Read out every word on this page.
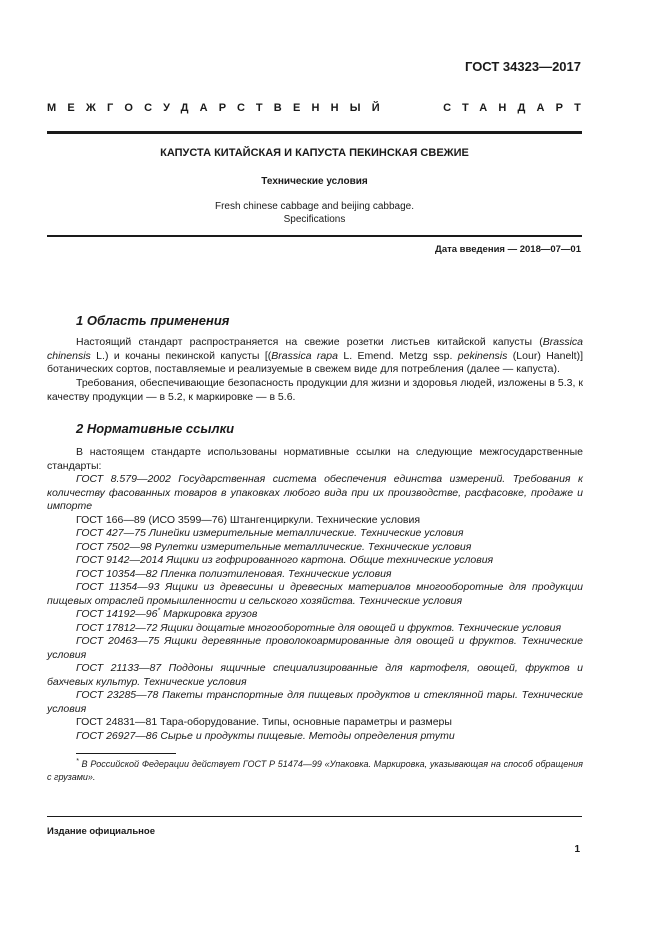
ГОСТ 34323—2017
МЕЖГОСУДАРСТВЕННЫЙ	СТАНДАРТ
КАПУСТА КИТАЙСКАЯ И КАПУСТА ПЕКИНСКАЯ СВЕЖИЕ
Технические условия
Fresh chinese cabbage and beijing cabbage.
Specifications
Дата введения — 2018—07—01
1 Область применения
Настоящий стандарт распространяется на свежие розетки листьев китайской капусты (Brassica chinensis L.) и кочаны пекинской капусты [(Brassica rapa L. Emend. Metzg ssp. pekinensis (Lour) Hanelt)] ботанических сортов, поставляемые и реализуемые в свежем виде для потребления (далее — капуста).
Требования, обеспечивающие безопасность продукции для жизни и здоровья людей, изложены в 5.3, к качеству продукции — в 5.2, к маркировке — в 5.6.
2 Нормативные ссылки
В настоящем стандарте использованы нормативные ссылки на следующие межгосударственные стандарты:
ГОСТ 8.579—2002 Государственная система обеспечения единства измерений. Требования к количеству фасованных товаров в упаковках любого вида при их производстве, расфасовке, продаже и импорте
ГОСТ 166—89 (ИСО 3599—76) Штангенциркули. Технические условия
ГОСТ 427—75 Линейки измерительные металлические. Технические условия
ГОСТ 7502—98 Рулетки измерительные металлические. Технические условия
ГОСТ 9142—2014 Ящики из гофрированного картона. Общие технические условия
ГОСТ 10354—82 Пленка полиэтиленовая. Технические условия
ГОСТ 11354—93 Ящики из древесины и древесных материалов многооборотные для продукции пищевых отраслей промышленности и сельского хозяйства. Технические условия
ГОСТ 14192—96* Маркировка грузов
ГОСТ 17812—72 Ящики дощатые многооборотные для овощей и фруктов. Технические условия
ГОСТ 20463—75 Ящики деревянные проволокоармированные для овощей и фруктов. Технические условия
ГОСТ 21133—87 Поддоны ящичные специализированные для картофеля, овощей, фруктов и бахчевых культур. Технические условия
ГОСТ 23285—78 Пакеты транспортные для пищевых продуктов и стеклянной тары. Технические условия
ГОСТ 24831—81 Тара-оборудование. Типы, основные параметры и размеры
ГОСТ 26927—86 Сырье и продукты пищевые. Методы определения ртути
* В Российской Федерации действует ГОСТ Р 51474—99 «Упаковка. Маркировка, указывающая на способ обращения с грузами».
Издание официальное
1
